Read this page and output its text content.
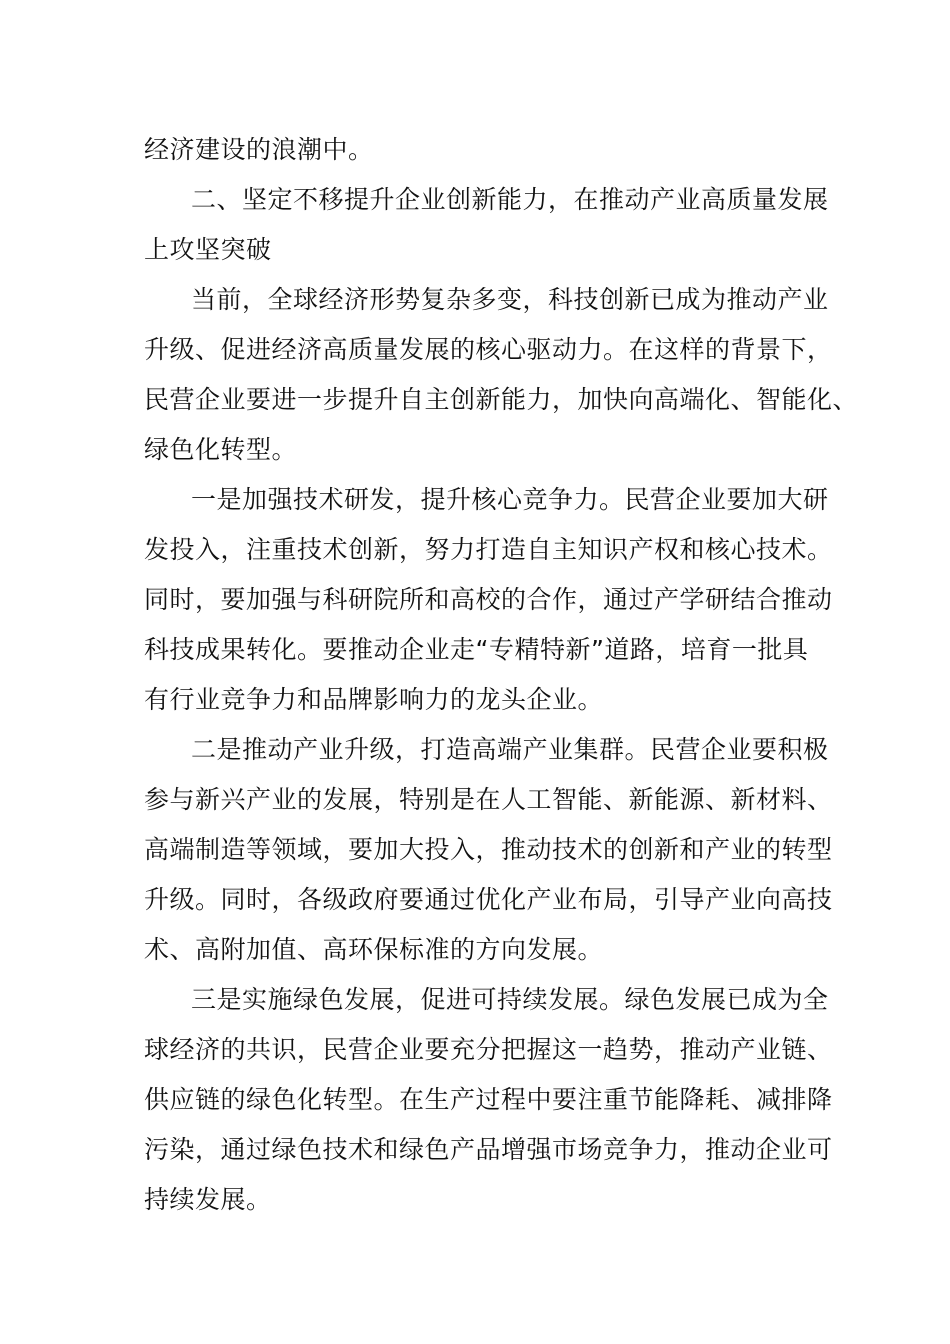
经济建设的浪潮中。
二、坚定不移提升企业创新能力，在推动产业高质量发展
上攻坚突破
当前，全球经济形势复杂多变，科技创新已成为推动产业
升级、促进经济高质量发展的核心驱动力。在这样的背景下，
民营企业要进一步提升自主创新能力，加快向高端化、智能化、
绿色化转型。
一是加强技术研发，提升核心竞争力。民营企业要加大研
发投入，注重技术创新，努力打造自主知识产权和核心技术。
同时，要加强与科研院所和高校的合作，通过产学研结合推动
科技成果转化。要推动企业走“专精特新”道路，培育一批具
有行业竞争力和品牌影响力的龙头企业。
二是推动产业升级，打造高端产业集群。民营企业要积极
参与新兴产业的发展，特别是在人工智能、新能源、新材料、
高端制造等领域，要加大投入，推动技术的创新和产业的转型
升级。同时，各级政府要通过优化产业布局，引导产业向高技
术、高附加值、高环保标准的方向发展。
三是实施绿色发展，促进可持续发展。绿色发展已成为全
球经济的共识，民营企业要充分把握这一趋势，推动产业链、
供应链的绿色化转型。在生产过程中要注重节能降耗、减排降
污染，通过绿色技术和绿色产品增强市场竞争力，推动企业可
持续发展。
